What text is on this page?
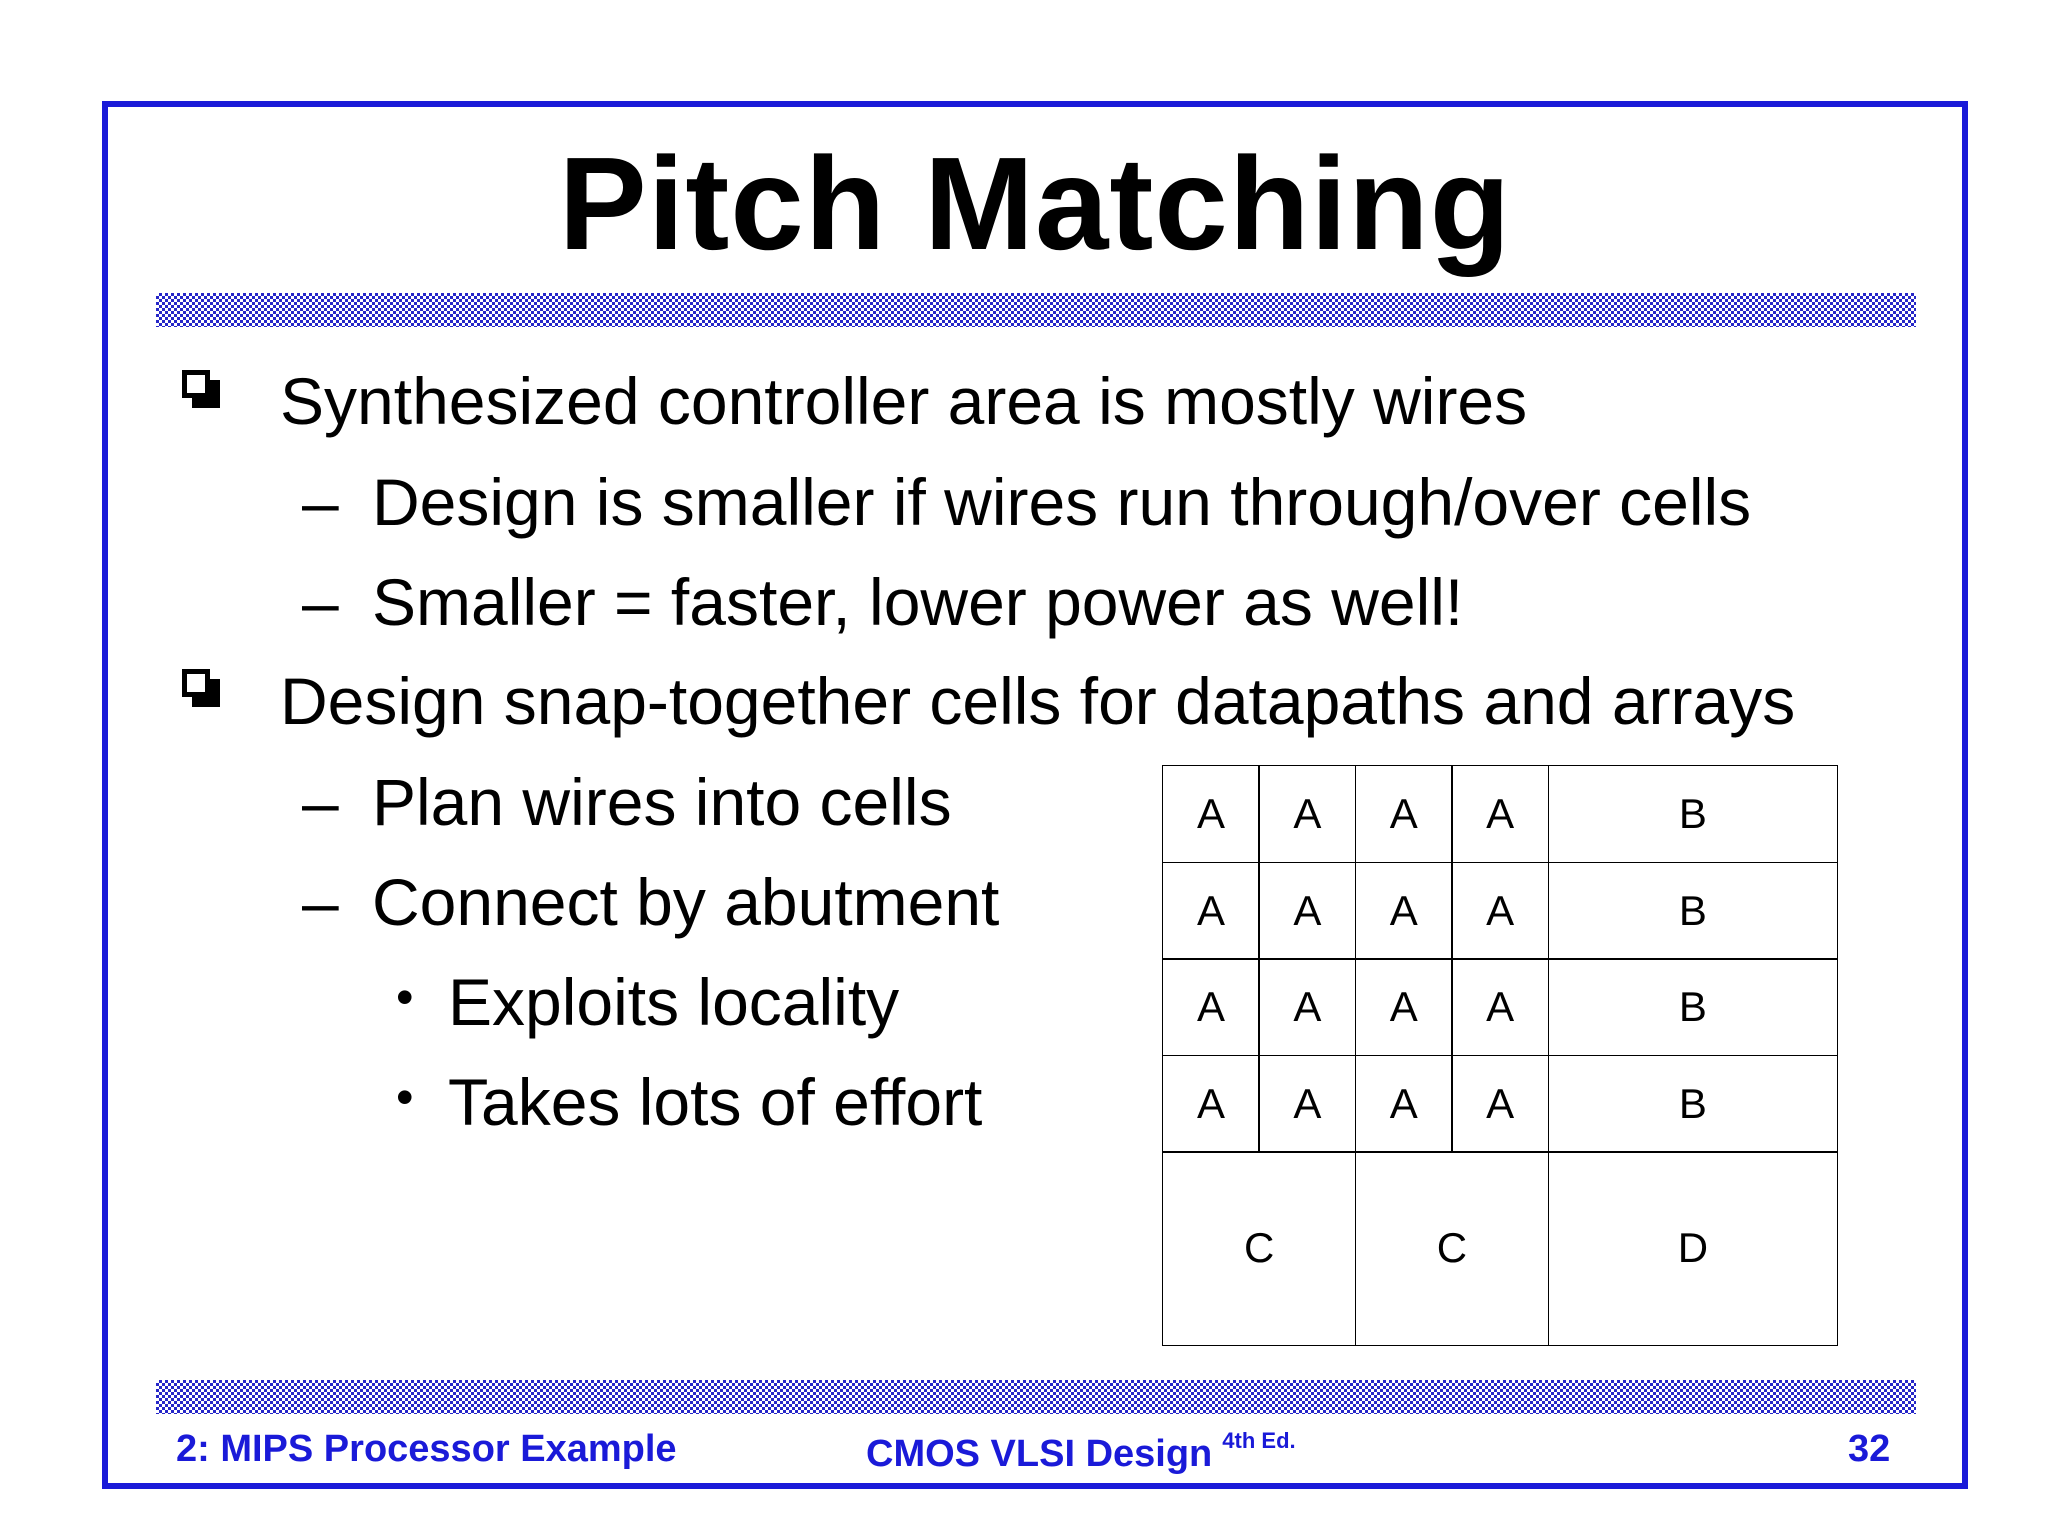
Pitch Matching
–
–
–
–
•
•
Synthesized controller area is mostly wires
Design is smaller if wires run through/over cells
Smaller = faster, lower power as well!
Design snap-together cells for datapaths and arrays
Plan wires into cells
Connect by abutment
Exploits locality
Takes lots of effort
A	A	A	A	B
A	A	A	A	B
A	A	A	A	B
A	A	A	A	B
C	C	D
2: MIPS Processor Example	CMOS VLSI Design $^{4th Ed.}$	32
